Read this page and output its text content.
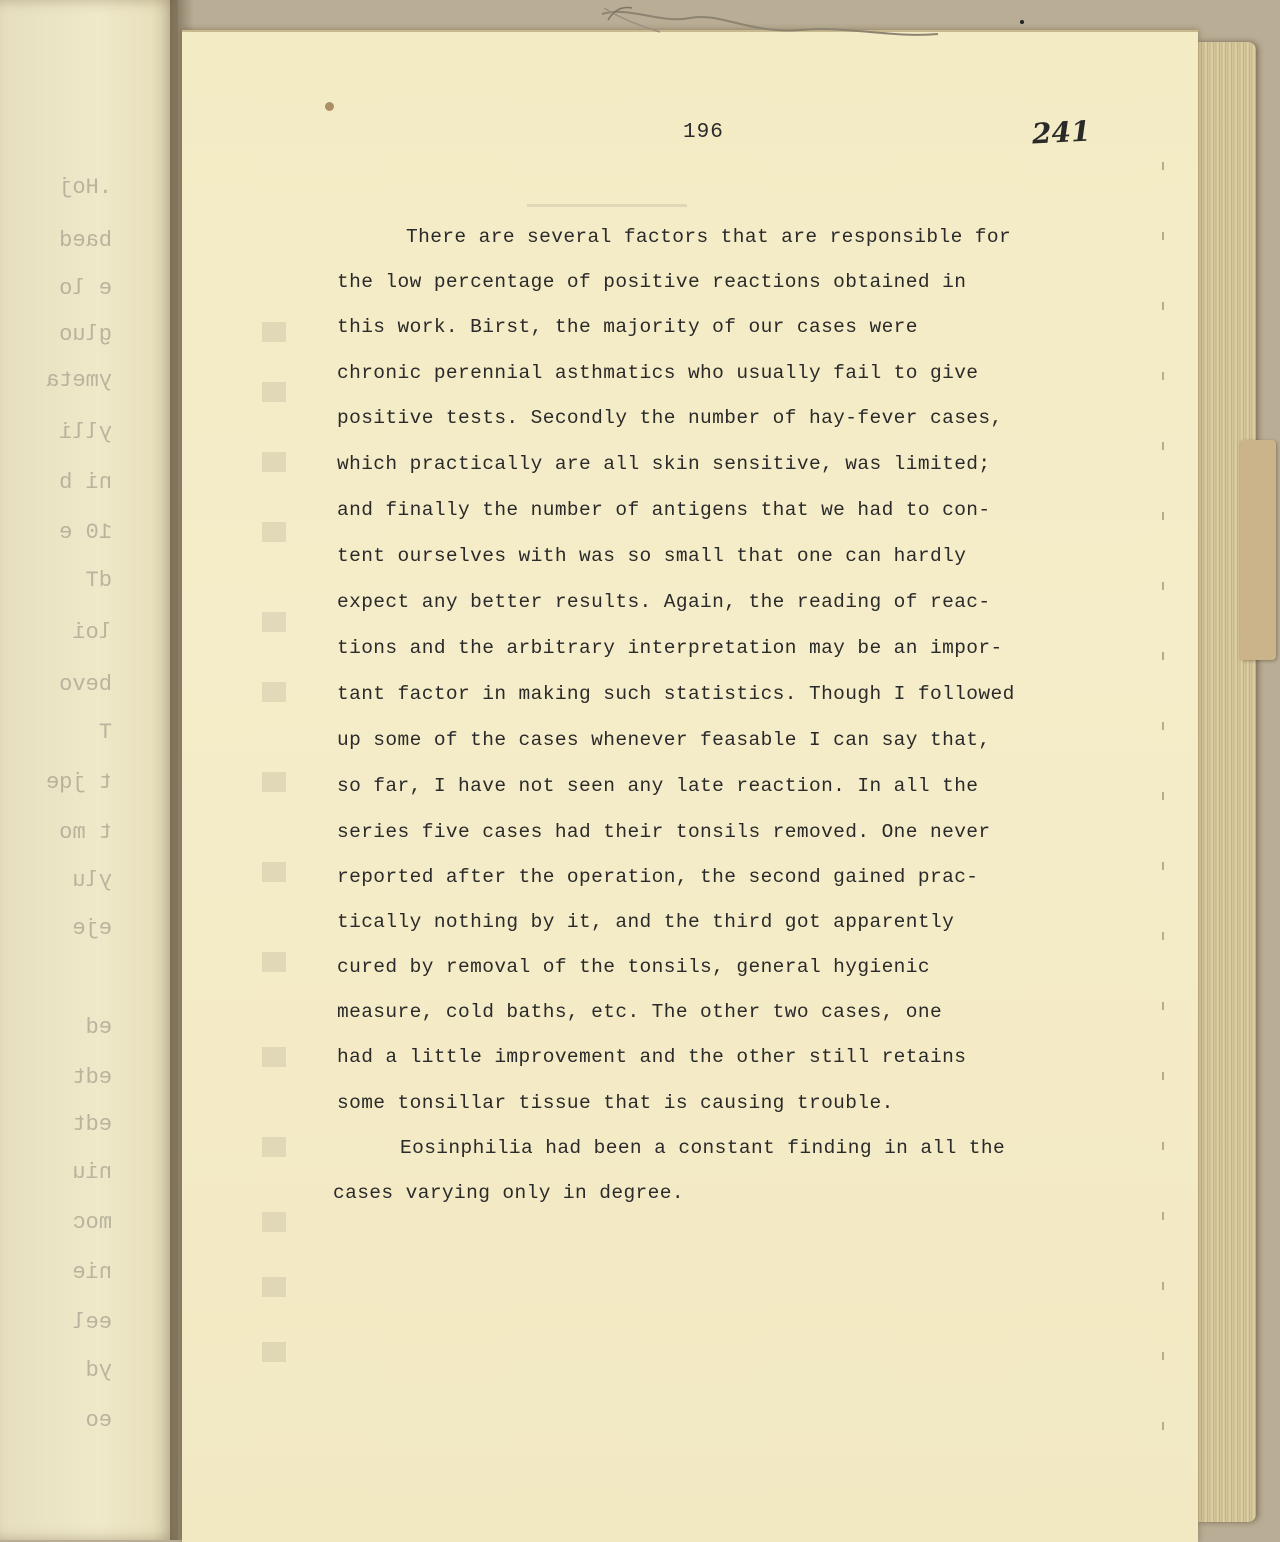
.Hoj
baed
e lo
gluo
ymeta
ylli
ni b
10 e
dT
loi
bevo
T
t jqe
t mo
ylu
eje
ed
edt
edt
niu
moc
nie
eel
yd
eo
196	241
There are several factors that are responsible for
the low percentage of positive reactions obtained in
this work. Birst, the majority of our cases were
chronic perennial asthmatics who usually fail to give
positive tests. Secondly the number of hay-fever cases,
which practically are all skin sensitive, was limited;
and finally the number of antigens that we had to con-
tent ourselves with was so small that one can hardly
expect any better results. Again, the reading of reac-
tions and the arbitrary interpretation may be an impor-
tant factor in making such statistics. Though I followed
up some of the cases whenever feasable I can say that,
so far, I have not seen any late reaction. In all the
series five cases had their tonsils removed. One never
reported after the operation, the second gained prac-
tically nothing by it, and the third got apparently
cured by removal of the tonsils, general hygienic
measure, cold baths, etc. The other two cases, one
had a little improvement and the other still retains
some tonsillar tissue that is causing trouble.
Eosinphilia had been a constant finding in all the
cases varying only in degree.
